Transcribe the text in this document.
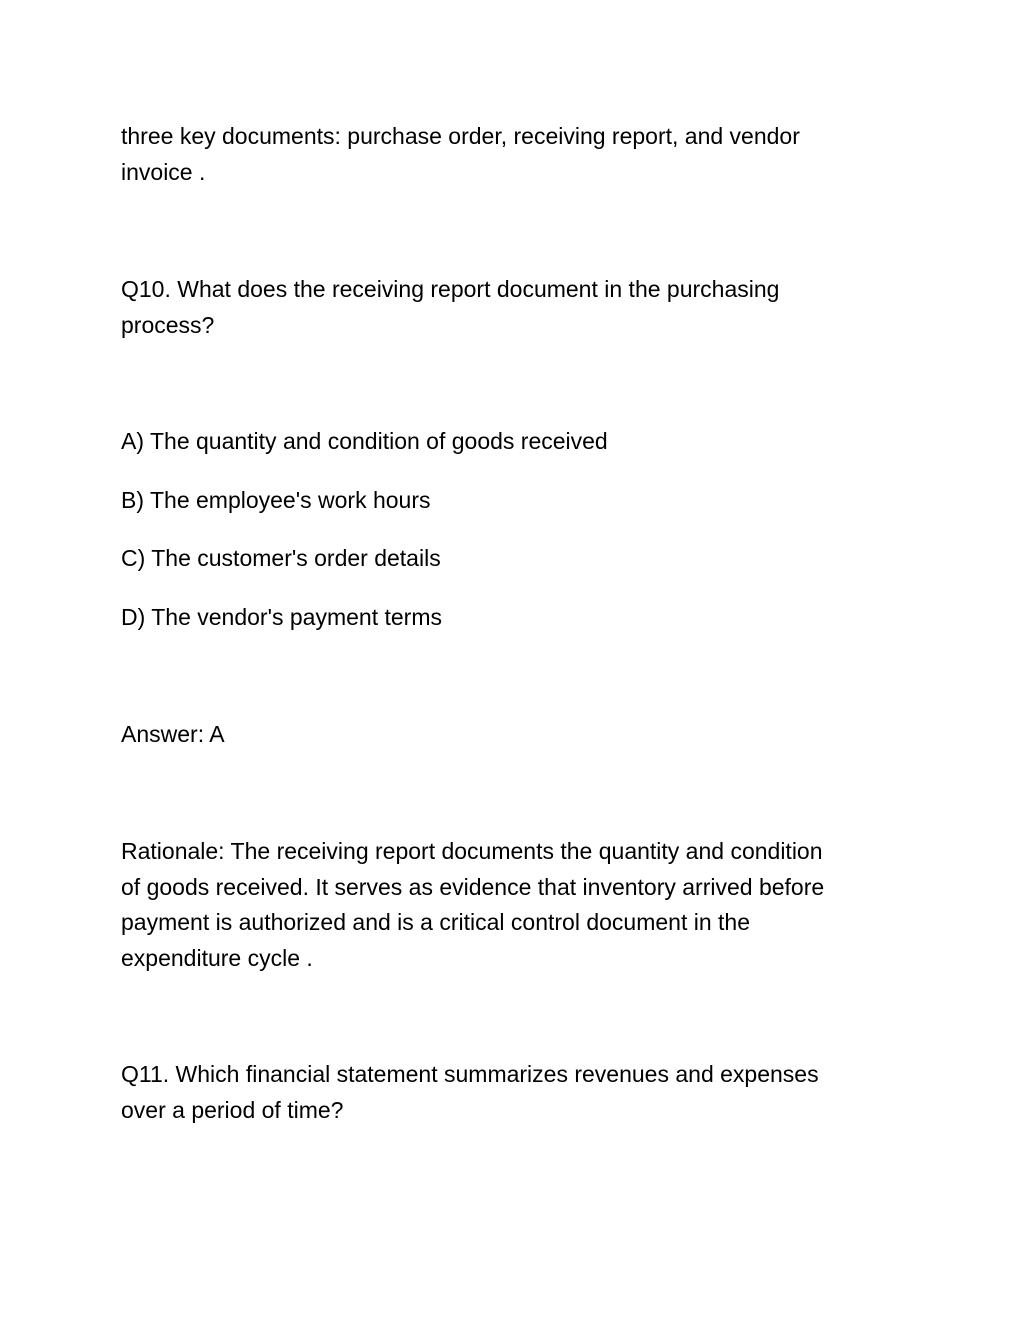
three key documents: purchase order, receiving report, and vendor
invoice .

Q10. What does the receiving report document in the purchasing
process?

A) The quantity and condition of goods received

B) The employee's work hours

C) The customer's order details

D) The vendor's payment terms

Answer: A

Rationale: The receiving report documents the quantity and condition
of goods received. It serves as evidence that inventory arrived before
payment is authorized and is a critical control document in the
expenditure cycle .

Q11. Which financial statement summarizes revenues and expenses
over a period of time?
